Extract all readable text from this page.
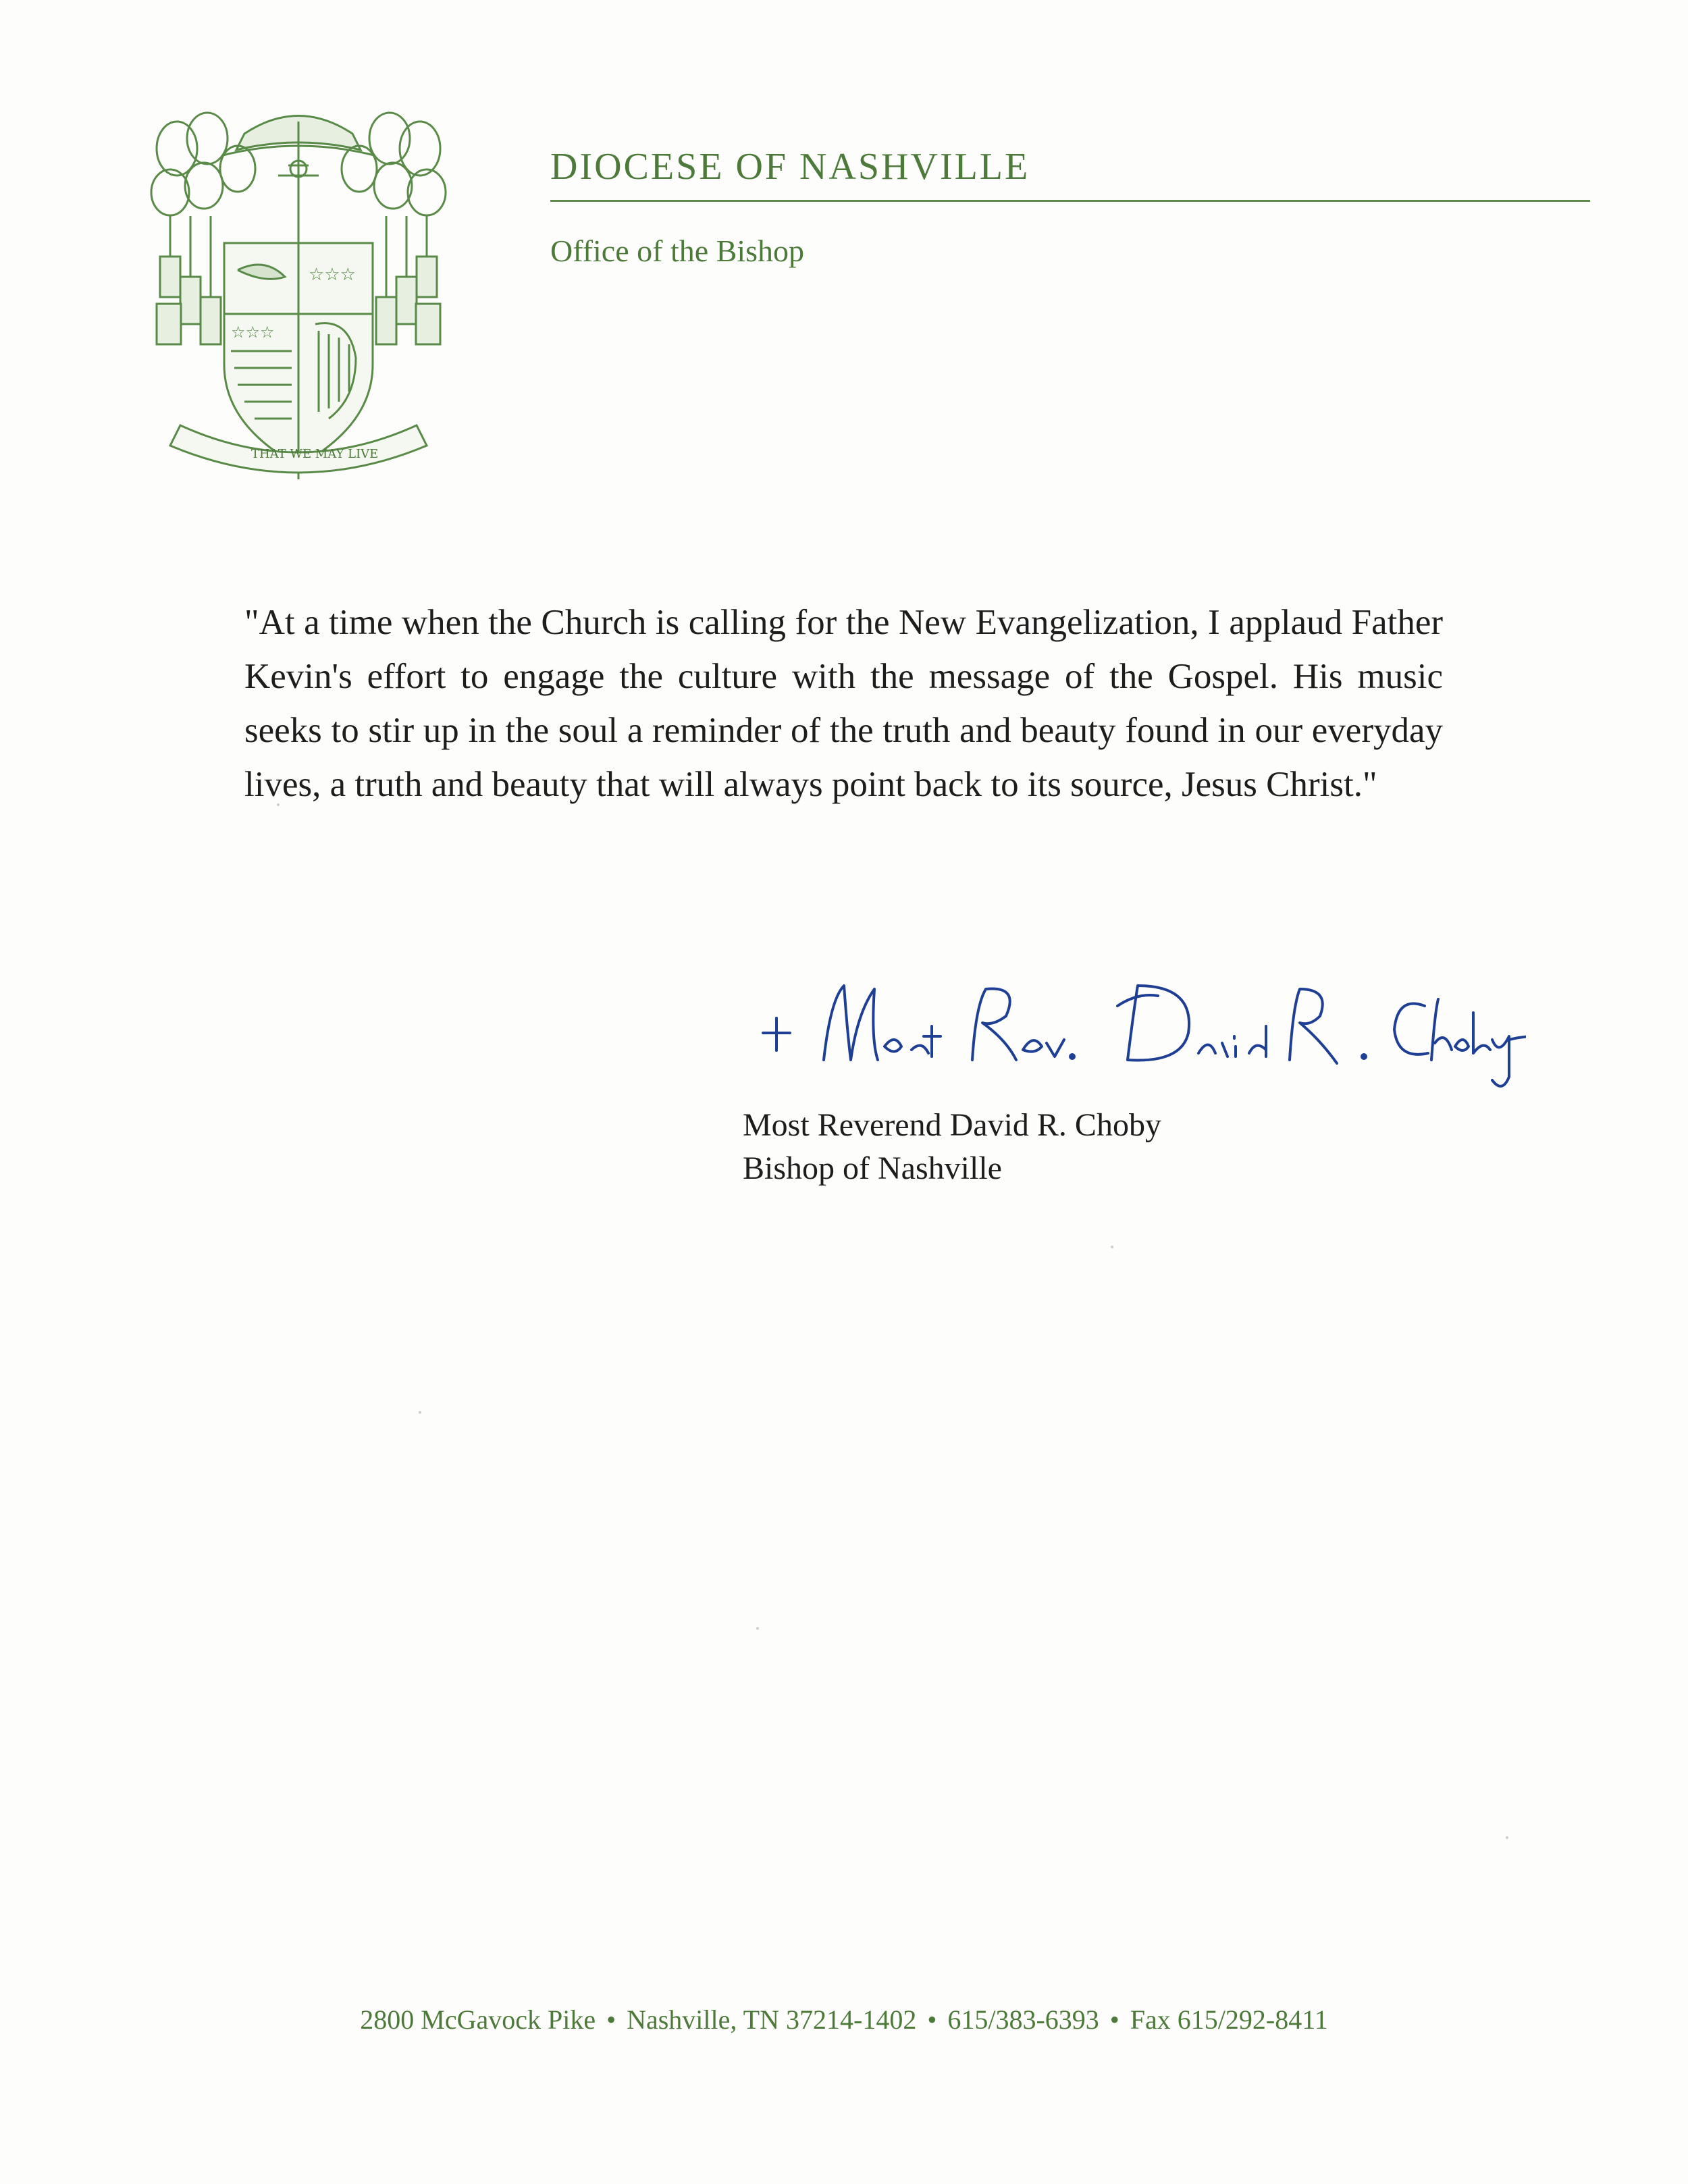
☆☆☆
☆☆☆
THAT WE MAY LIVE
DIOCESE OF NASHVILLE
Office of the Bishop

"At a time when the Church is calling for the New Evangelization, I applaud Father Kevin's effort to engage the culture with the message of the Gospel. His music seeks to stir up in the soul a reminder of the truth and beauty found in our everyday lives, a truth and beauty that will always point back to its source, Jesus Christ."

Most Reverend David R. Choby
Bishop of Nashville
2800 McGavock Pike • Nashville, TN 37214-1402 • 615/383-6393 • Fax 615/292-8411
